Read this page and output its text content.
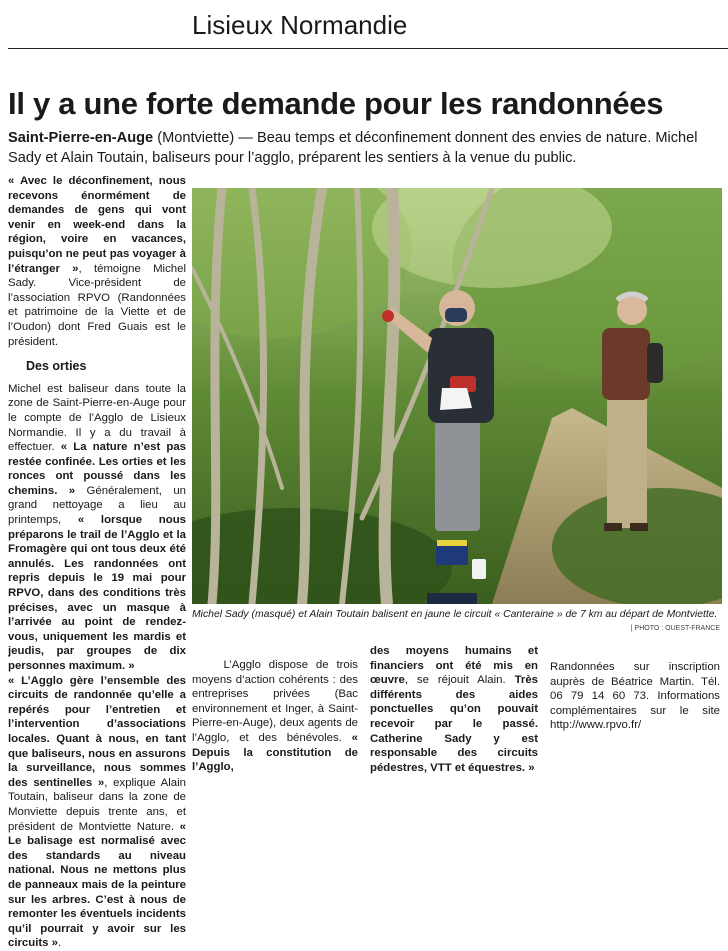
Lisieux Normandie
Il y a une forte demande pour les randonnées
Saint-Pierre-en-Auge (Montviette) — Beau temps et déconfinement donnent des envies de nature. Michel Sady et Alain Toutain, baliseurs pour l’agglo, préparent les sentiers à la venue du public.

« Avec le déconfinement, nous recevons énormément de demandes de gens qui vont venir en week-end dans la région, voire en vacances, puisqu’on ne peut pas voyager à l’étranger », témoigne Michel Sady. Vice-président de l’association RPVO (Randonnées et patrimoine de la Viette et de l’Oudon) dont Fred Guais est le président.

Des orties

Michel est baliseur dans toute la zone de Saint-Pierre-en-Auge pour le compte de l’Agglo de Lisieux Normandie. Il y a du travail à effectuer. « La nature n’est pas restée confinée. Les orties et les ronces ont poussé dans les chemins. » Généralement, un grand nettoyage a lieu au printemps, « lorsque nous préparons le trail de l’Agglo et la Fromagère qui ont tous deux été annulés. Les randonnées ont repris depuis le 19 mai pour RPVO, dans des conditions très précises, avec un masque à l’arrivée au point de rendez-vous, uniquement les mardis et jeudis, par groupes de dix personnes maximum. »

« L’Agglo gère l’ensemble des circuits de randonnée qu’elle a repérés pour l’entretien et l’intervention d’associations locales. Quant à nous, en tant que baliseurs, nous en assurons la surveillance, nous sommes des sentinelles », explique Alain Toutain, baliseur dans la zone de Monviette depuis trente ans, et président de Montviette Nature. « Le balisage est normalisé avec des standards au niveau national. Nous ne mettons plus de panneaux mais de la peinture sur les arbres. C’est à nous de remonter les éventuels incidents qu’il pourrait y avoir sur les circuits ».

Michel Sady (masqué) et Alain Toutain balisent en jaune le circuit « Canteraine » de 7 km au départ de Montviette.
| PHOTO : OUEST-FRANCE

L’Agglo dispose de trois moyens d’action cohérents : des entreprises privées (Bac environnement et Inger, à Saint-Pierre-en-Auge), deux agents de l’Agglo, et des bénévoles. « Depuis la constitution de l’Agglo,

des moyens humains et financiers ont été mis en œuvre, se réjouit Alain. Très différents des aides ponctuelles qu’on pouvait recevoir par le passé. Catherine Sady y est responsable des circuits pédestres, VTT et équestres. »

Randonnées sur inscription auprès de Béatrice Martin. Tél. 06 79 14 60 73. Informations complémentaires sur le site http://www.rpvo.fr/
